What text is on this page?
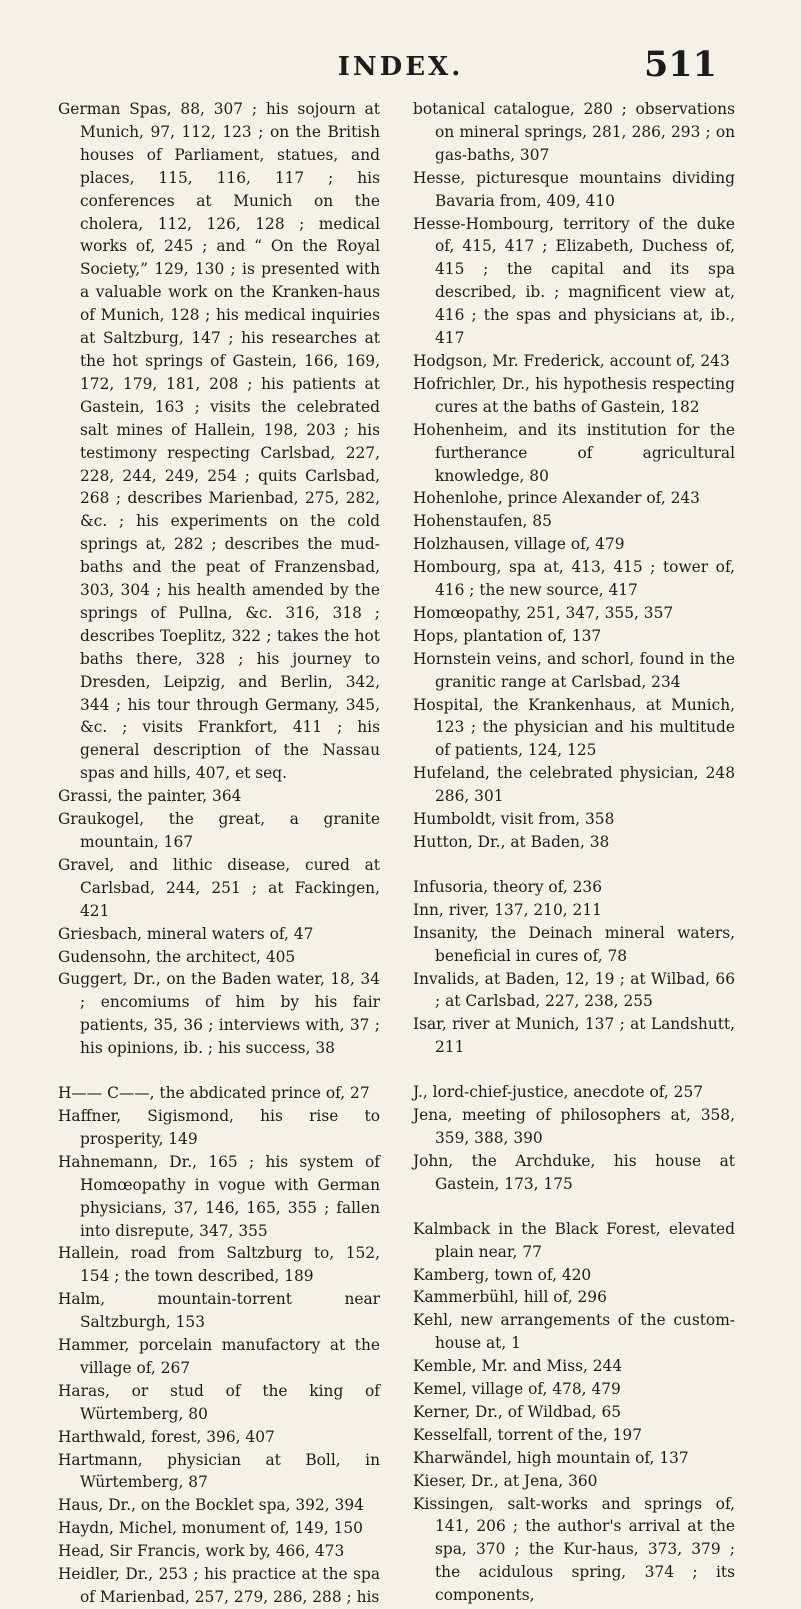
INDEX.	511

German Spas, 88, 307 ; his sojourn at Munich, 97, 112, 123 ; on the British houses of Parliament, statues, and places, 115, 116, 117 ; his conferences at Munich on the cholera, 112, 126, 128 ; medical works of, 245 ; and “ On the Royal Society,” 129, 130 ; is presented with a valuable work on the Kranken-haus of Munich, 128 ; his medical inquiries at Saltzburg, 147 ; his researches at the hot springs of Gastein, 166, 169, 172, 179, 181, 208 ; his patients at Gastein, 163 ; visits the celebrated salt mines of Hallein, 198, 203 ; his testimony respecting Carlsbad, 227, 228, 244, 249, 254 ; quits Carlsbad, 268 ; describes Marienbad, 275, 282, &c. ; his experiments on the cold springs at, 282 ; describes the mud-baths and the peat of Franzensbad, 303, 304 ; his health amended by the springs of Pullna, &c. 316, 318 ; describes Toeplitz, 322 ; takes the hot baths there, 328 ; his journey to Dresden, Leipzig, and Berlin, 342, 344 ; his tour through Germany, 345, &c. ; visits Frankfort, 411 ; his general description of the Nassau spas and hills, 407, et seq.

Grassi, the painter, 364

Graukogel, the great, a granite mountain, 167

Gravel, and lithic disease, cured at Carlsbad, 244, 251 ; at Fackingen, 421

Griesbach, mineral waters of, 47

Gudensohn, the architect, 405

Guggert, Dr., on the Baden water, 18, 34 ; encomiums of him by his fair patients, 35, 36 ; interviews with, 37 ; his opinions, ib. ; his success, 38

H—— C——, the abdicated prince of, 27

Haffner, Sigismond, his rise to prosperity, 149

Hahnemann, Dr., 165 ; his system of Homœopathy in vogue with German physicians, 37, 146, 165, 355 ; fallen into disrepute, 347, 355

Hallein, road from Saltzburg to, 152, 154 ; the town described, 189

Halm, mountain-torrent near Saltzburgh, 153

Hammer, porcelain manufactory at the village of, 267

Haras, or stud of the king of Würtemberg, 80

Harthwald, forest, 396, 407

Hartmann, physician at Boll, in Würtemberg, 87

Haus, Dr., on the Bocklet spa, 392, 394

Haydn, Michel, monument of, 149, 150

Head, Sir Francis, work by, 466, 473

Heidler, Dr., 253 ; his practice at the spa of Marienbad, 257, 279, 286, 288 ; his

botanical catalogue, 280 ; observations on mineral springs, 281, 286, 293 ; on gas-baths, 307

Hesse, picturesque mountains dividing Bavaria from, 409, 410

Hesse-Hombourg, territory of the duke of, 415, 417 ; Elizabeth, Duchess of, 415 ; the capital and its spa described, ib. ; magnificent view at, 416 ; the spas and physicians at, ib., 417

Hodgson, Mr. Frederick, account of, 243

Hofrichler, Dr., his hypothesis respecting cures at the baths of Gastein, 182

Hohenheim, and its institution for the furtherance of agricultural knowledge, 80

Hohenlohe, prince Alexander of, 243

Hohenstaufen, 85

Holzhausen, village of, 479

Hombourg, spa at, 413, 415 ; tower of, 416 ; the new source, 417

Homœopathy, 251, 347, 355, 357

Hops, plantation of, 137

Hornstein veins, and schorl, found in the granitic range at Carlsbad, 234

Hospital, the Krankenhaus, at Munich, 123 ; the physician and his multitude of patients, 124, 125

Hufeland, the celebrated physician, 248 286, 301

Humboldt, visit from, 358

Hutton, Dr., at Baden, 38

Infusoria, theory of, 236

Inn, river, 137, 210, 211

Insanity, the Deinach mineral waters, beneficial in cures of, 78

Invalids, at Baden, 12, 19 ; at Wilbad, 66 ; at Carlsbad, 227, 238, 255

Isar, river at Munich, 137 ; at Landshutt, 211

J., lord-chief-justice, anecdote of, 257

Jena, meeting of philosophers at, 358, 359, 388, 390

John, the Archduke, his house at Gastein, 173, 175

Kalmback in the Black Forest, elevated plain near, 77

Kamberg, town of, 420

Kammerbühl, hill of, 296

Kehl, new arrangements of the custom-house at, 1

Kemble, Mr. and Miss, 244

Kemel, village of, 478, 479

Kerner, Dr., of Wildbad, 65

Kesselfall, torrent of the, 197

Kharwändel, high mountain of, 137

Kieser, Dr., at Jena, 360

Kissingen, salt-works and springs of, 141, 206 ; the author's arrival at the spa, 370 ; the Kur-haus, 373, 379 ; the acidulous spring, 374 ; its components,
